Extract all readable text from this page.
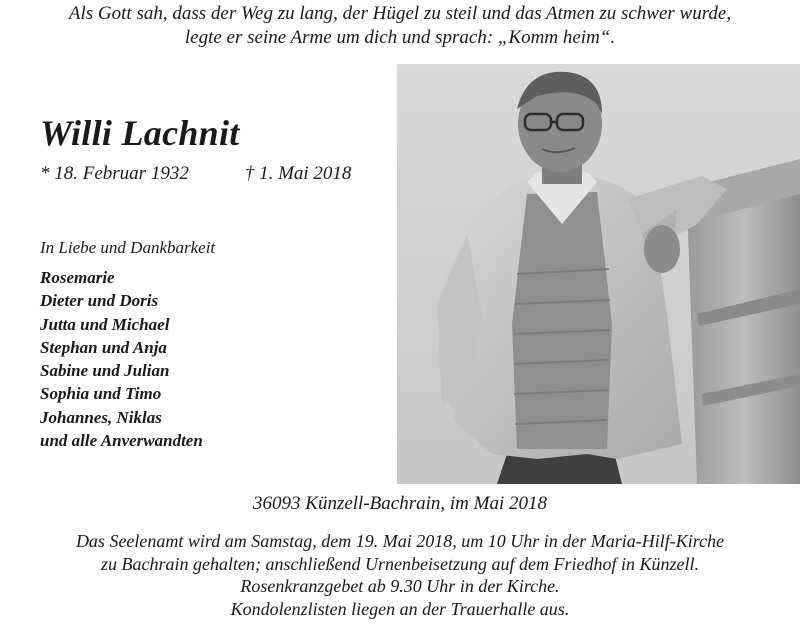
Als Gott sah, dass der Weg zu lang, der Hügel zu steil und das Atmen zu schwer wurde,
legte er seine Arme um dich und sprach: „Komm heim“.
Willi Lachnit
* 18. Februar 1932	† 1. Mai 2018
In Liebe und Dankbarkeit
Rosemarie
Dieter und Doris
Jutta und Michael
Stephan und Anja
Sabine und Julian
Sophia und Timo
Johannes, Niklas
und alle Anverwandten
36093 Künzell-Bachrain, im Mai 2018
Das Seelenamt wird am Samstag, dem 19. Mai 2018, um 10 Uhr in der Maria-Hilf-Kirche
zu Bachrain gehalten; anschließend Urnenbeisetzung auf dem Friedhof in Künzell.
Rosenkranzgebet ab 9.30 Uhr in der Kirche.
Kondolenzlisten liegen an der Trauerhalle aus.
